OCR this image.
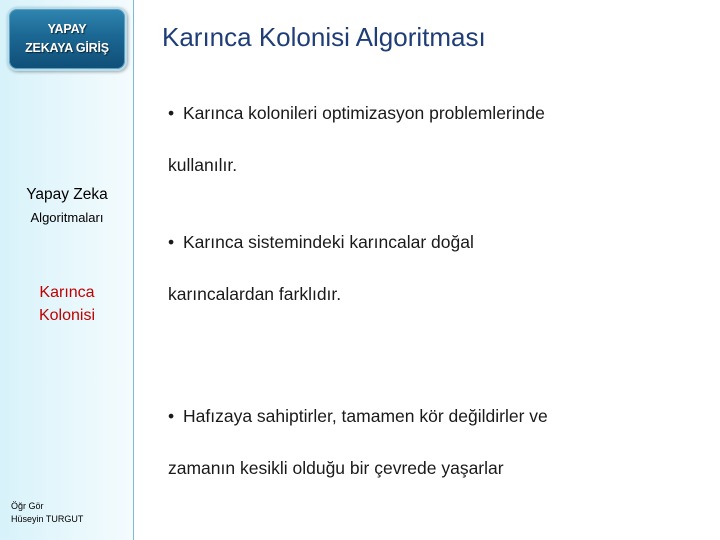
YAPAY
ZEKAYA GİRİŞ
Yapay Zeka
Algoritmaları
Karınca
Kolonisi
Öğr Gör
Hüseyin TURGUT
Karınca Kolonisi Algoritması
• Karınca kolonileri optimizasyon problemlerinde
kullanılır.
• Karınca sistemindeki karıncalar doğal
karıncalardan farklıdır.
• Hafızaya sahiptirler, tamamen kör değildirler ve
zamanın kesikli olduğu bir çevrede yaşarlar
